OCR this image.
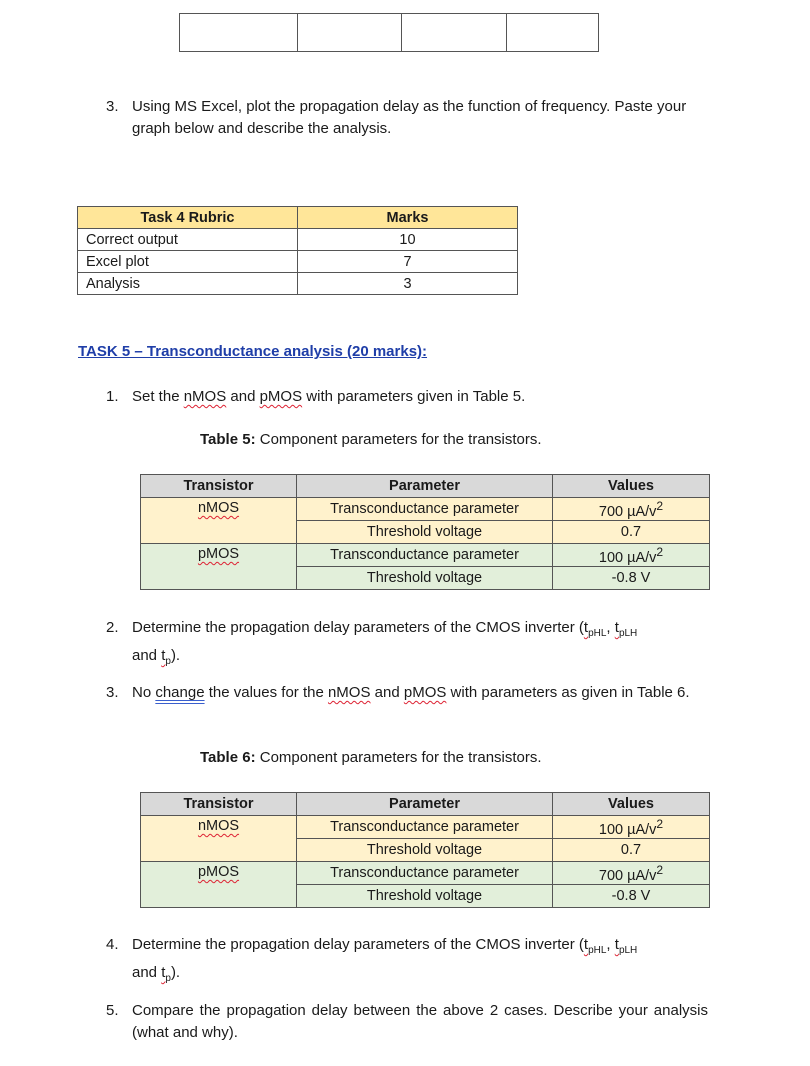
3. Using MS Excel, plot the propagation delay as the function of frequency. Paste your graph below and describe the analysis.
Task 4 Rubric	Marks
Correct output	10
Excel plot	7
Analysis	3
TASK 5 – Transconductance analysis (20 marks):
1. Set the nMOS and pMOS with parameters given in Table 5.
Table 5: Component parameters for the transistors.
Transistor	Parameter	Values
nMOS	Transconductance parameter	700 $\mu A/v^2$
	Threshold voltage	0.7
pMOS	Transconductance parameter	100 $\mu A/v^2$
	Threshold voltage	-0.8 V
2. Determine the propagation delay parameters of the CMOS inverter ($t_{pHL}$, $t_{pLH}$
and $t_p$).
3. No change the values for the nMOS and pMOS with parameters as given in Table 6.
Table 6: Component parameters for the transistors.
Transistor	Parameter	Values
nMOS	Transconductance parameter	100 $\mu A/v^2$
	Threshold voltage	0.7
pMOS	Transconductance parameter	700 $\mu A/v^2$
	Threshold voltage	-0.8 V
4. Determine the propagation delay parameters of the CMOS inverter ($t_{pHL}$, $t_{pLH}$
and $t_p$).
5. Compare the propagation delay between the above 2 cases. Describe your analysis (what and why).
